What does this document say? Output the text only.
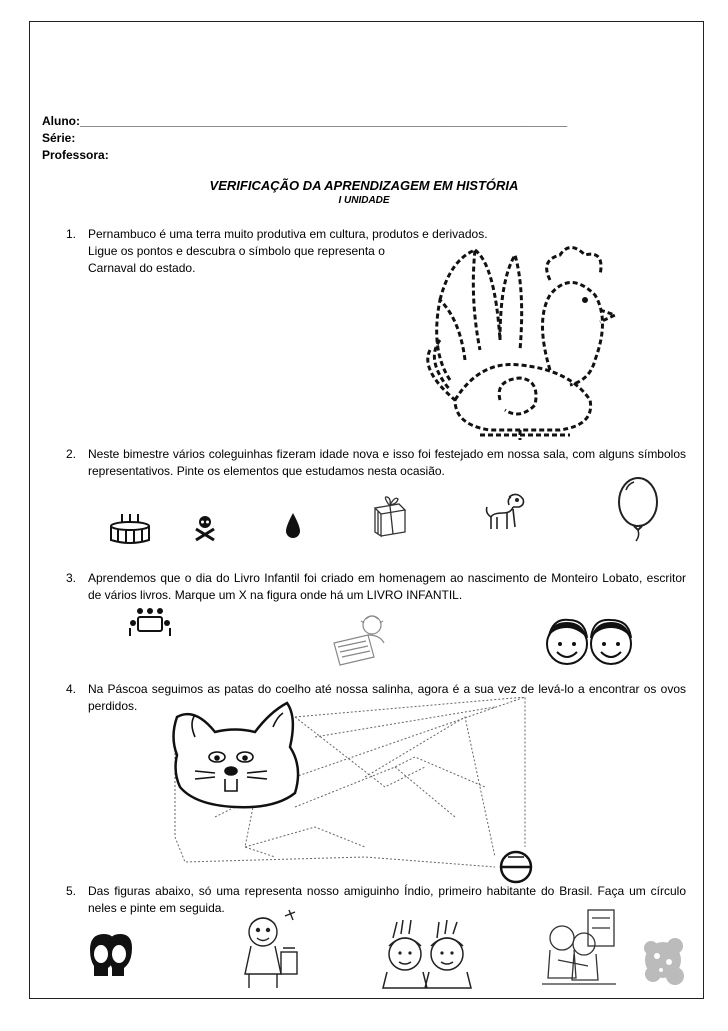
Aluno:_________________________________________________________________________
Série:
Professora:
VERIFICAÇÃO DA APRENDIZAGEM EM HISTÓRIA
I UNIDADE
1. Pernambuco é uma terra muito produtiva em cultura, produtos e derivados.
Ligue os pontos e descubra o símbolo que representa o
Carnaval do estado.
2. Neste bimestre vários coleguinhas fizeram idade nova e isso foi festejado em nossa sala, com alguns símbolos representativos. Pinte os elementos que estudamos nesta ocasião.
3. Aprendemos que o dia do Livro Infantil foi criado em homenagem ao nascimento de Monteiro Lobato, escritor de vários livros. Marque um X na figura onde há um LIVRO INFANTIL.
4. Na Páscoa seguimos as patas do coelho até nossa salinha, agora é a sua vez de levá-lo a encontrar os ovos perdidos.
5. Das figuras abaixo, só uma representa nosso amiguinho Índio, primeiro habitante do Brasil. Faça um círculo neles e pinte em seguida.
